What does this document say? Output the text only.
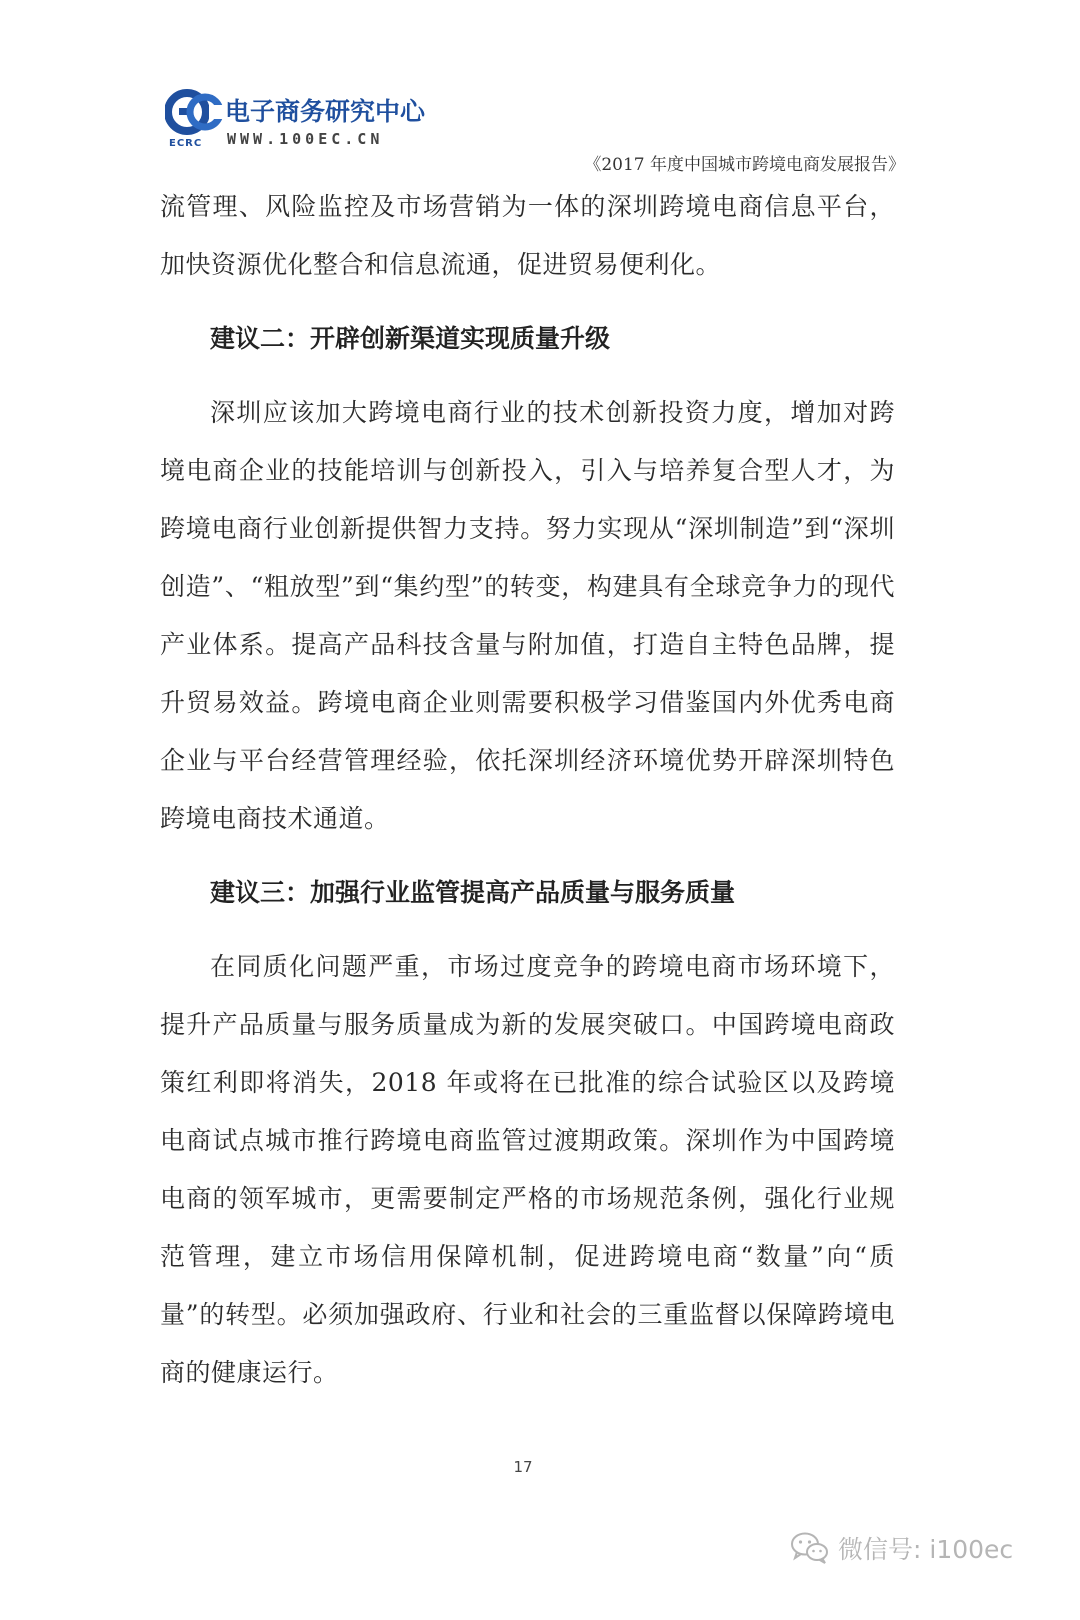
电子商务研究中心
WWW.100EC.CN
ECRC
《2017 年度中国城市跨境电商发展报告》

流管理、风险监控及市场营销为一体的深圳跨境电商信息平台，加快资源优化整合和信息流通，促进贸易便利化。

建议二：开辟创新渠道实现质量升级

深圳应该加大跨境电商行业的技术创新投资力度，增加对跨境电商企业的技能培训与创新投入，引入与培养复合型人才，为跨境电商行业创新提供智力支持。努力实现从“深圳制造”到“深圳创造”、“粗放型”到“集约型”的转变，构建具有全球竞争力的现代产业体系。提高产品科技含量与附加值，打造自主特色品牌，提升贸易效益。跨境电商企业则需要积极学习借鉴国内外优秀电商企业与平台经营管理经验，依托深圳经济环境优势开辟深圳特色跨境电商技术通道。

建议三：加强行业监管提高产品质量与服务质量

在同质化问题严重，市场过度竞争的跨境电商市场环境下，提升产品质量与服务质量成为新的发展突破口。中国跨境电商政策红利即将消失，2018 年或将在已批准的综合试验区以及跨境电商试点城市推行跨境电商监管过渡期政策。深圳作为中国跨境电商的领军城市，更需要制定严格的市场规范条例，强化行业规范管理，建立市场信用保障机制，促进跨境电商“数量”向“质量”的转型。必须加强政府、行业和社会的三重监督以保障跨境电商的健康运行。

17
微信号: i100ec
